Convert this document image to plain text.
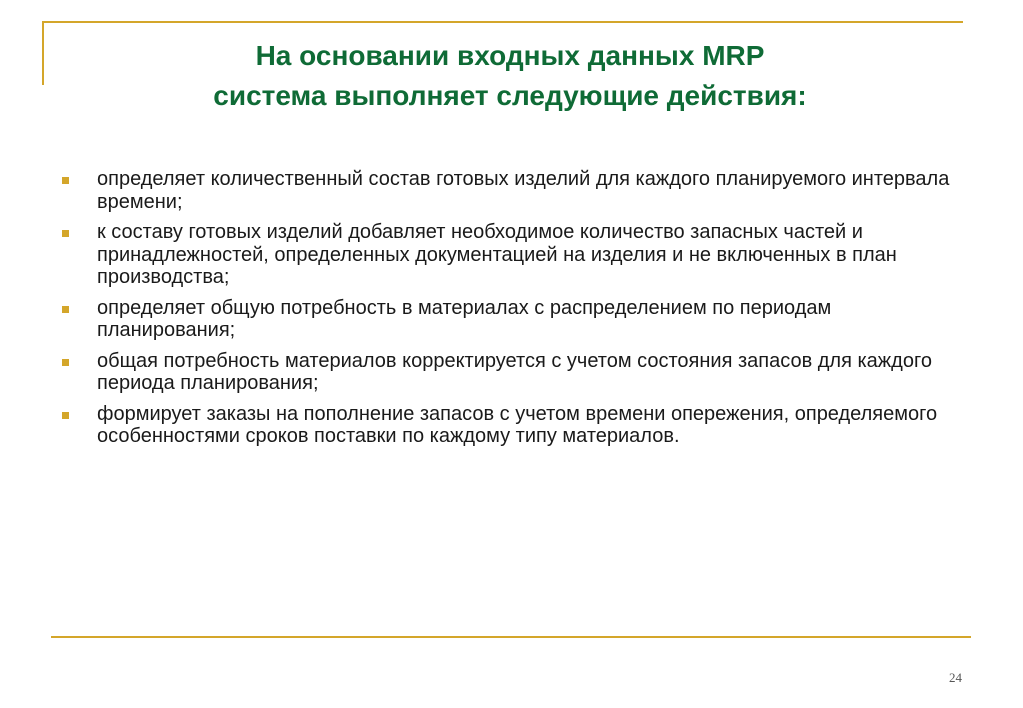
На основании входных данных MRP
система выполняет следующие действия:
определяет количественный состав готовых изделий для каждого планируемого интервала времени;
к составу готовых изделий добавляет необходимое количество запасных частей и принадлежностей, определенных документацией на изделия и не включенных в план производства;
определяет общую потребность в материалах с распределением по периодам планирования;
общая потребность материалов корректируется с учетом состояния запасов для каждого периода планирования;
формирует заказы на пополнение запасов с учетом времени опережения, определяемого особенностями сроков поставки по каждому типу материалов.
24
